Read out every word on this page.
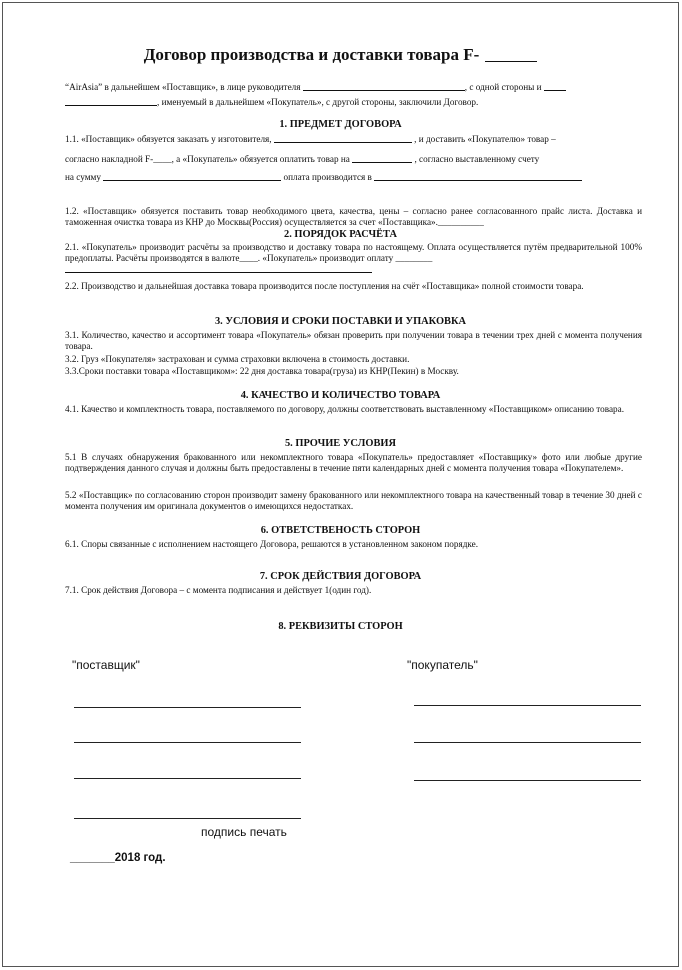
Договор производства и доставки товара F-
“AirAsia” в дальнейшем «Поставщик», в лице руководителя	, с одной стороны и
, именуемый в дальнейшем «Покупатель», с другой стороны, заключили Договор.
1. ПРЕДМЕТ ДОГОВОРА
1.1. «Поставщик» обязуется заказать у изготовителя,	, и доставить «Покупателю» товар –
согласно накладной F-____, а «Покупатель» обязуется оплатить товар на	, согласно выставленному счету
на сумму	оплата производится в
1.2. «Поставщик» обязуется поставить товар необходимого цвета, качества, цены – согласно ранее согласованного прайс листа. Доставка и таможенная очистка товара из КНР до Москвы(Россия) осуществляется за счет «Поставщика».__________
2. ПОРЯДОК РАСЧЁТА
2.1. «Покупатель» производит расчёты за производство и доставку товара по настоящему. Оплата осуществляется путём предварительной 100% предоплаты. Расчёты производятся в валюте____. «Покупатель» производит оплату ________
2.2. Производство и дальнейшая доставка товара производится после поступления на счёт «Поставщика» полной стоимости товара.
3. УСЛОВИЯ И СРОКИ ПОСТАВКИ И УПАКОВКА
3.1. Количество, качество и ассортимент товара «Покупатель» обязан проверить при получении товара в течении трех дней с момента получения товара.
3.2. Груз «Покупателя» застрахован и сумма страховки включена в стоимость доставки.
3.3.Сроки поставки товара «Поставщиком»: 22 дня доставка товара(груза) из КНР(Пекин) в Москву.
4. КАЧЕСТВО И КОЛИЧЕСТВО ТОВАРА
4.1. Качество и комплектность товара, поставляемого по договору, должны соответствовать выставленному «Поставщиком» описанию товара.
5. ПРОЧИЕ УСЛОВИЯ
5.1 В случаях обнаружения бракованного или некомплектного товара «Покупатель» предоставляет «Поставщику» фото или любые другие подтверждения данного случая и должны быть предоставлены в течение пяти календарных дней с момента получения товара «Покупателем».
5.2 «Поставщик» по согласованию сторон производит замену бракованного или некомплектного товара на качественный товар в течение 30 дней с момента получения им оригинала документов о имеющихся недостатках.
6. ОТВЕТСТВЕНОСТЬ СТОРОН
6.1. Споры связанные с исполнением настоящего Договора, решаются в установленном законом порядке.
7. СРОК ДЕЙСТВИЯ ДОГОВОРА
7.1. Срок действия Договора – с момента подписания и действует 1(один год).
8. РЕКВИЗИТЫ СТОРОН
"поставщик"	"покупатель"
подпись печать
_______2018 год.
